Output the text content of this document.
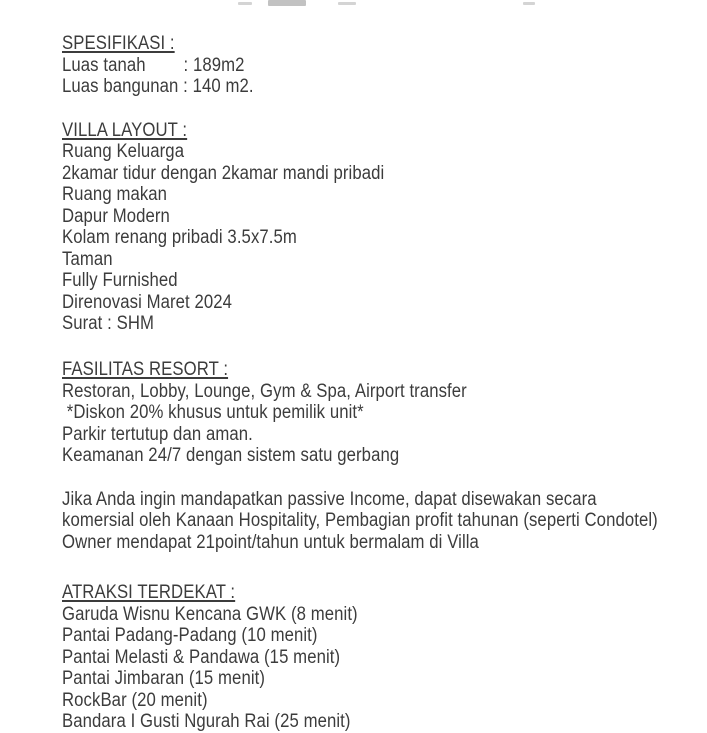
SPESIFIKASI :
Luas tanah        : 189m2
Luas bangunan : 140 m2.
VILLA LAYOUT :
Ruang Keluarga
2kamar tidur dengan 2kamar mandi pribadi
Ruang makan
Dapur Modern
Kolam renang pribadi 3.5x7.5m
Taman
Fully Furnished
Direnovasi Maret 2024
Surat : SHM
FASILITAS RESORT :
Restoran, Lobby, Lounge, Gym & Spa, Airport transfer
*Diskon 20% khusus untuk pemilik unit*
Parkir tertutup dan aman.
Keamanan 24/7 dengan sistem satu gerbang
Jika Anda ingin mandapatkan passive Income, dapat disewakan secara
komersial oleh Kanaan Hospitality, Pembagian profit tahunan (seperti Condotel)
Owner mendapat 21point/tahun untuk bermalam di Villa
ATRAKSI TERDEKAT :
Garuda Wisnu Kencana GWK (8 menit)
Pantai Padang-Padang (10 menit)
Pantai Melasti & Pandawa (15 menit)
Pantai Jimbaran (15 menit)
RockBar (20 menit)
Bandara I Gusti Ngurah Rai (25 menit)
